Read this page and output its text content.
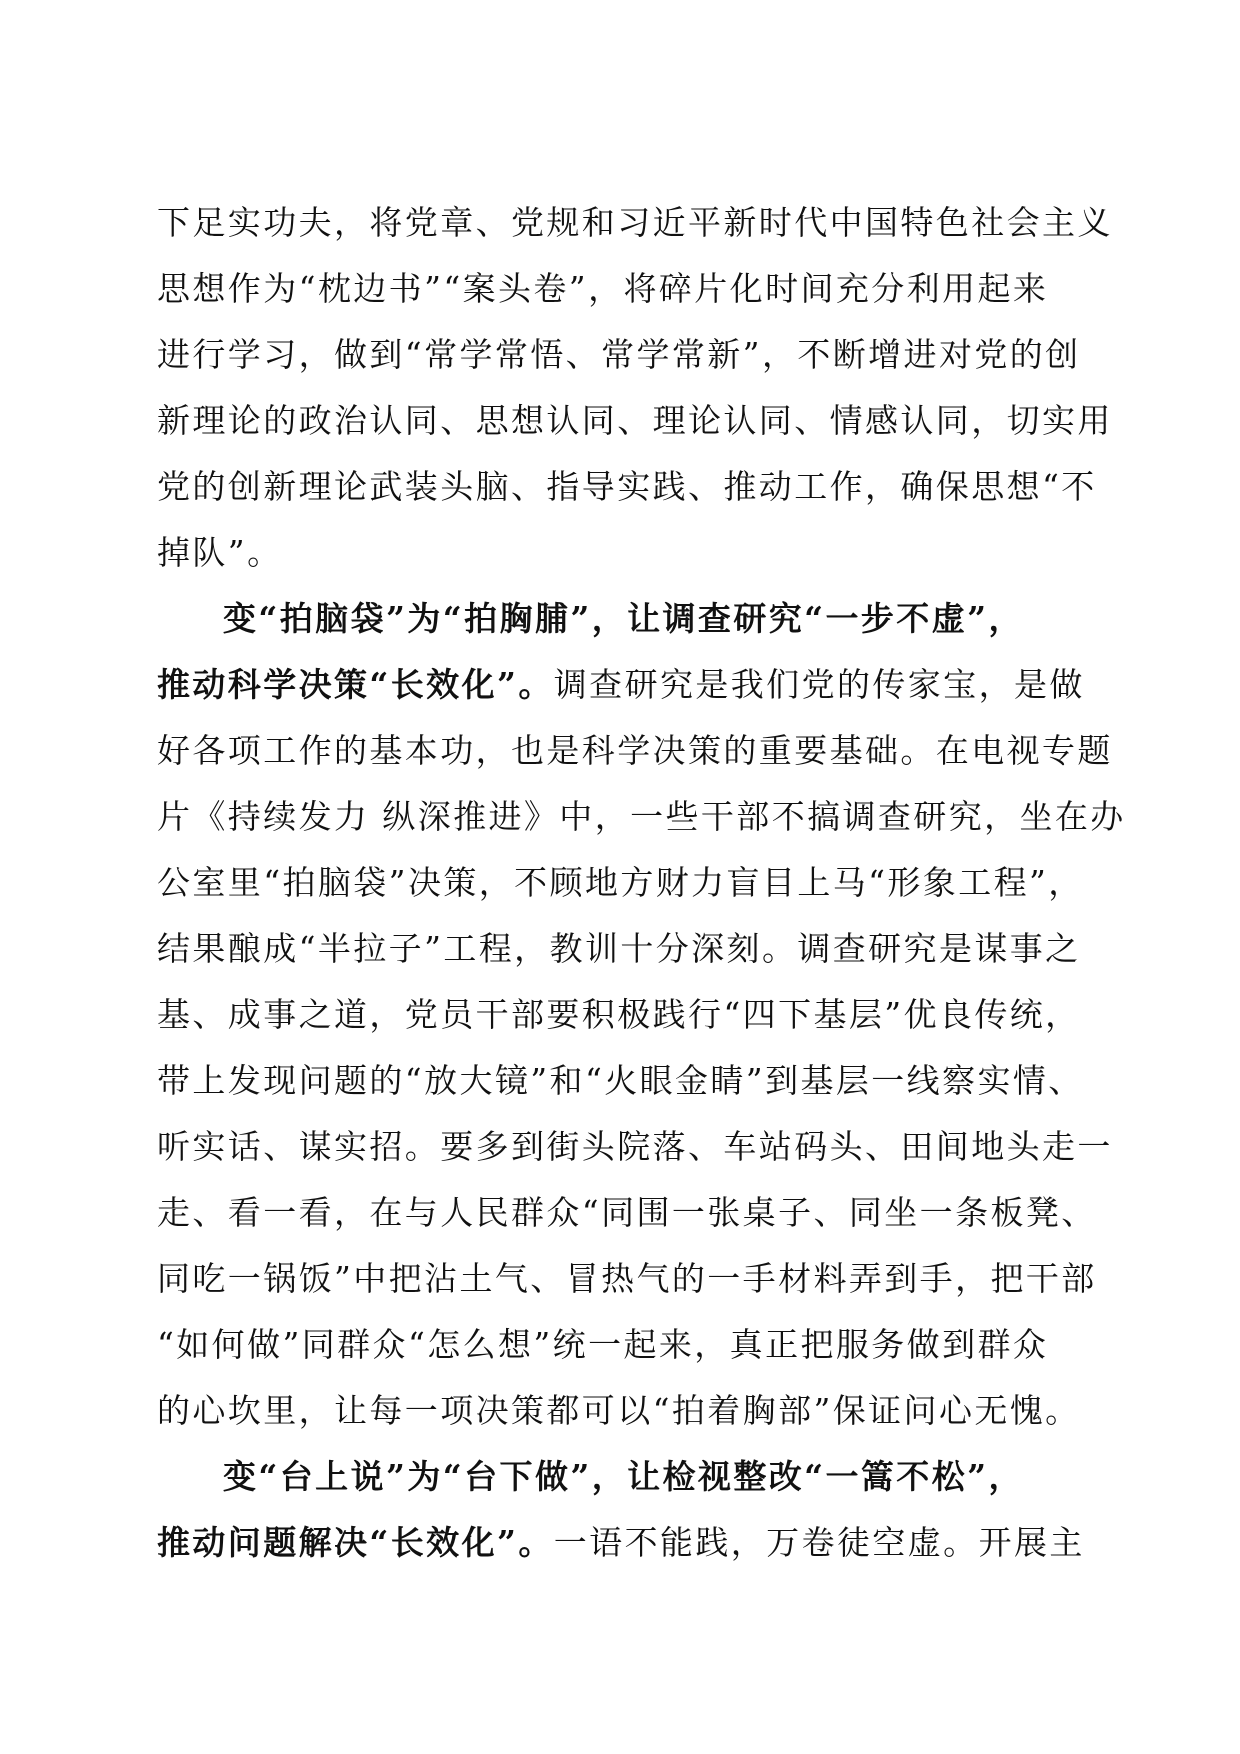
下足实功夫，将党章、党规和习近平新时代中国特色社会主义
思想作为“枕边书”“案头卷”，将碎片化时间充分利用起来
进行学习，做到“常学常悟、常学常新”，不断增进对党的创
新理论的政治认同、思想认同、理论认同、情感认同，切实用
党的创新理论武装头脑、指导实践、推动工作，确保思想“不
掉队”。
变“拍脑袋”为“拍胸脯”，让调查研究“一步不虚”，
推动科学决策“长效化”。调查研究是我们党的传家宝，是做
好各项工作的基本功，也是科学决策的重要基础。在电视专题
片《持续发力 纵深推进》中，一些干部不搞调查研究，坐在办
公室里“拍脑袋”决策，不顾地方财力盲目上马“形象工程”，
结果酿成“半拉子”工程，教训十分深刻。调查研究是谋事之
基、成事之道，党员干部要积极践行“四下基层”优良传统，
带上发现问题的“放大镜”和“火眼金睛”到基层一线察实情、
听实话、谋实招。要多到街头院落、车站码头、田间地头走一
走、看一看，在与人民群众“同围一张桌子、同坐一条板凳、
同吃一锅饭”中把沾土气、冒热气的一手材料弄到手，把干部
“如何做”同群众“怎么想”统一起来，真正把服务做到群众
的心坎里，让每一项决策都可以“拍着胸部”保证问心无愧。
变“台上说”为“台下做”，让检视整改“一篙不松”，
推动问题解决“长效化”。一语不能践，万卷徒空虚。开展主
